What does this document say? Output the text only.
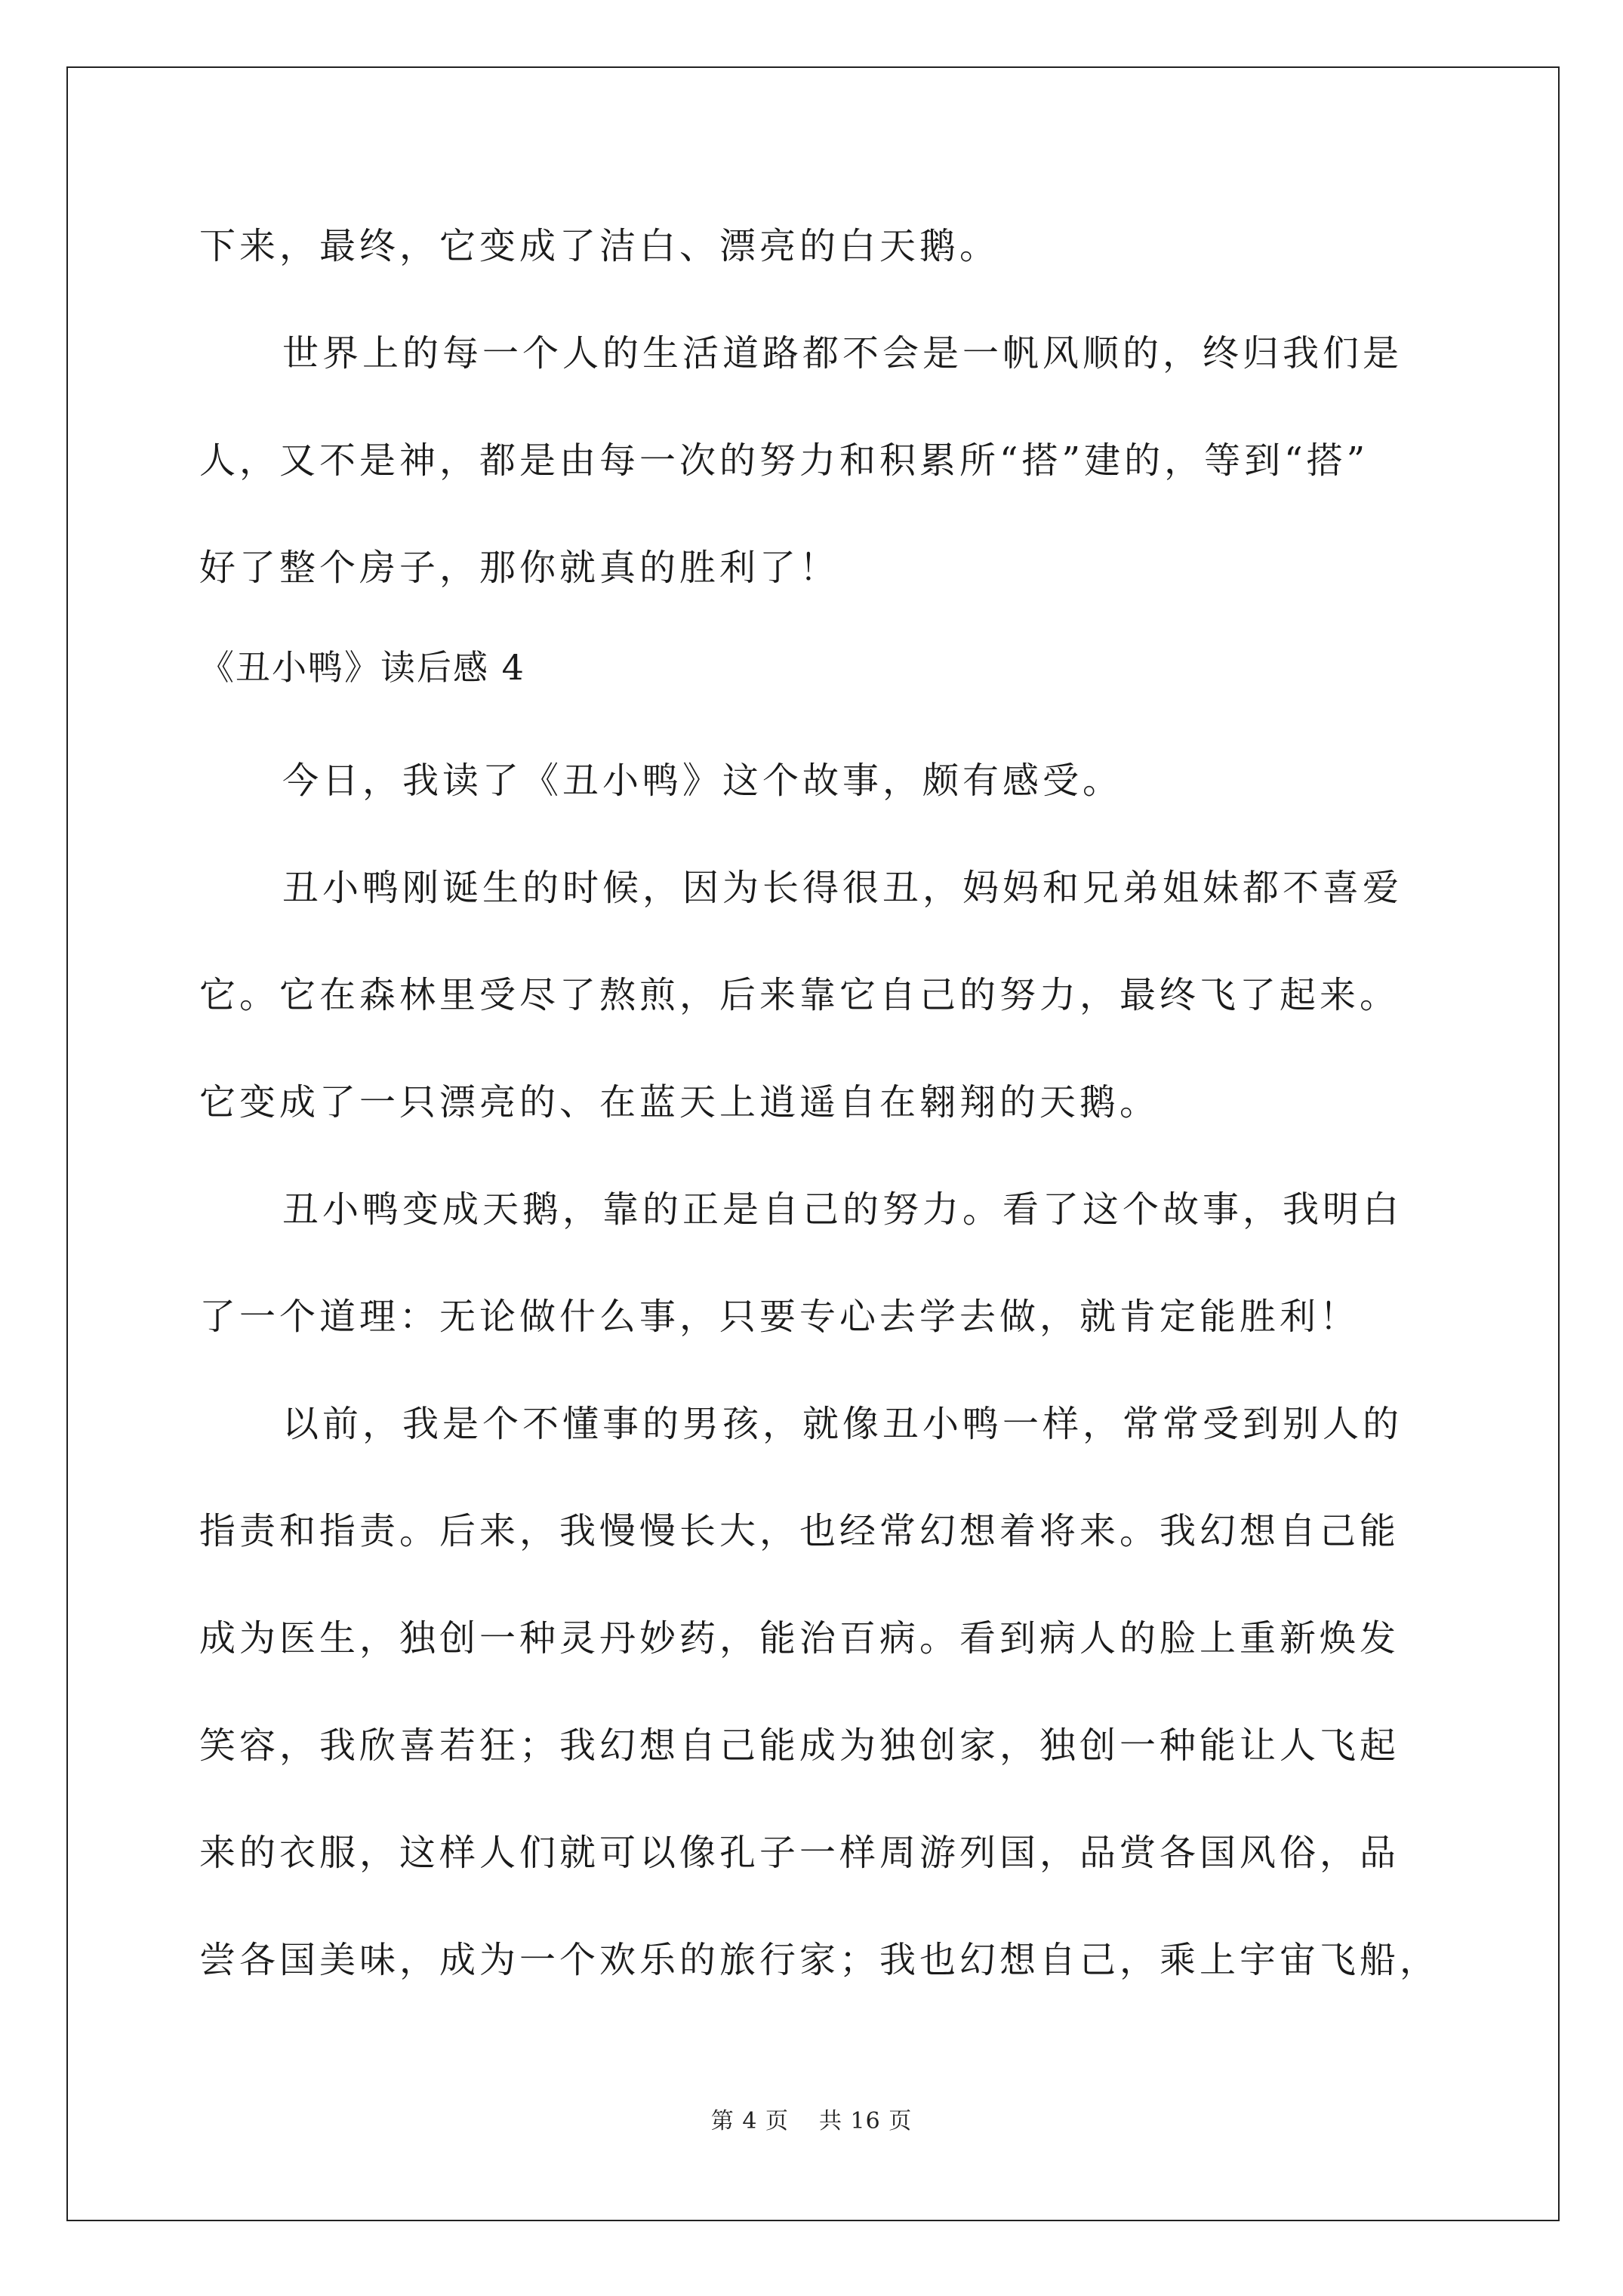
下来，最终，它变成了洁白、漂亮的白天鹅。
世界上的每一个人的生活道路都不会是一帆风顺的，终归我们是
人，又不是神，都是由每一次的努力和积累所“搭”建的，等到“搭”
好了整个房子，那你就真的胜利了！
《丑小鸭》读后感 4
今日，我读了《丑小鸭》这个故事，颇有感受。
丑小鸭刚诞生的时候，因为长得很丑，妈妈和兄弟姐妹都不喜爱
它。它在森林里受尽了熬煎，后来靠它自己的努力，最终飞了起来。
它变成了一只漂亮的、在蓝天上逍遥自在翱翔的天鹅。
丑小鸭变成天鹅，靠的正是自己的努力。看了这个故事，我明白
了一个道理：无论做什么事，只要专心去学去做，就肯定能胜利！
以前，我是个不懂事的男孩，就像丑小鸭一样，常常受到别人的
指责和指责。后来，我慢慢长大，也经常幻想着将来。我幻想自己能
成为医生，独创一种灵丹妙药，能治百病。看到病人的脸上重新焕发
笑容，我欣喜若狂；我幻想自己能成为独创家，独创一种能让人飞起
来的衣服，这样人们就可以像孔子一样周游列国，品赏各国风俗，品
尝各国美味，成为一个欢乐的旅行家；我也幻想自己，乘上宇宙飞船，
第 4 页 共 16 页
